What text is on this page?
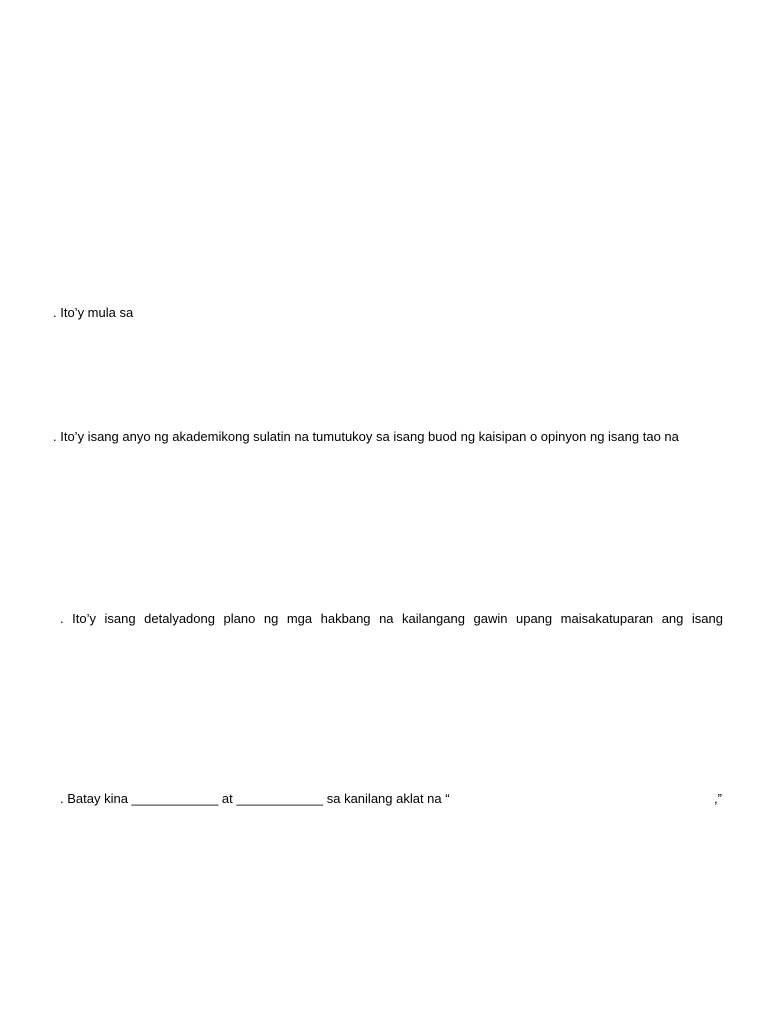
. Ito’y mula sa
. Ito’y isang anyo ng akademikong sulatin na tumutukoy sa isang buod ng kaisipan o opinyon ng isang tao na
. Ito’y isang detalyadong plano ng mga hakbang na kailangang gawin upang maisakatuparan ang isang
. Batay kina ____________ at ____________ sa kanilang aklat na “	,”
